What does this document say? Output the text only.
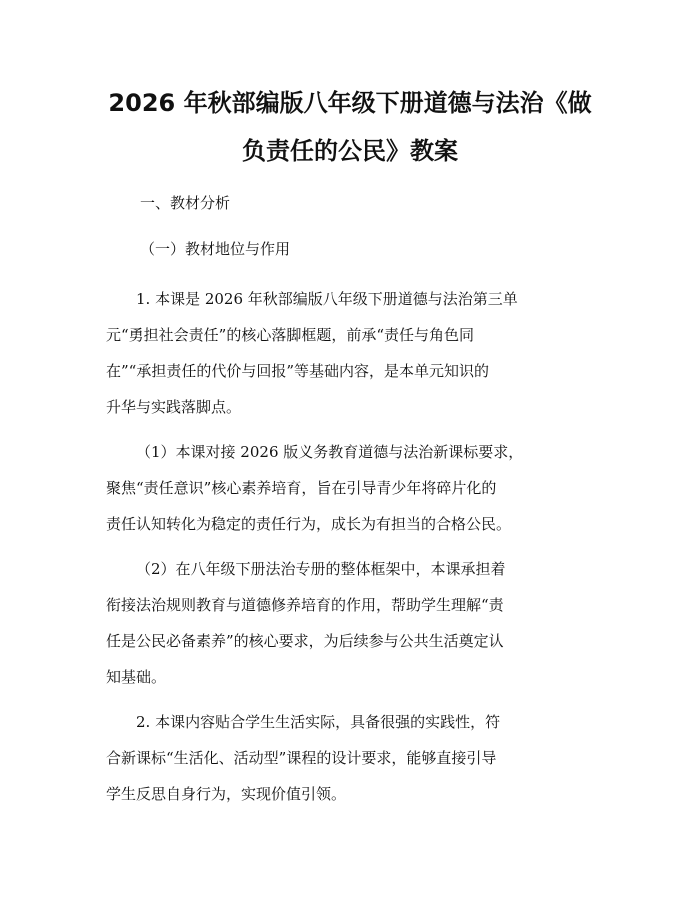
2026 年秋部编版八年级下册道德与法治《做
负责任的公民》教案

一、教材分析

（一）教材地位与作用

1. 本课是 2026 年秋部编版八年级下册道德与法治第三单
元“勇担社会责任”的核心落脚框题，前承“责任与角色同
在”“承担责任的代价与回报”等基础内容，是本单元知识的
升华与实践落脚点。

（1）本课对接 2026 版义务教育道德与法治新课标要求，
聚焦“责任意识”核心素养培育，旨在引导青少年将碎片化的
责任认知转化为稳定的责任行为，成长为有担当的合格公民。

（2）在八年级下册法治专册的整体框架中，本课承担着
衔接法治规则教育与道德修养培育的作用，帮助学生理解“责
任是公民必备素养”的核心要求，为后续参与公共生活奠定认
知基础。

2. 本课内容贴合学生生活实际，具备很强的实践性，符
合新课标“生活化、活动型”课程的设计要求，能够直接引导
学生反思自身行为，实现价值引领。
